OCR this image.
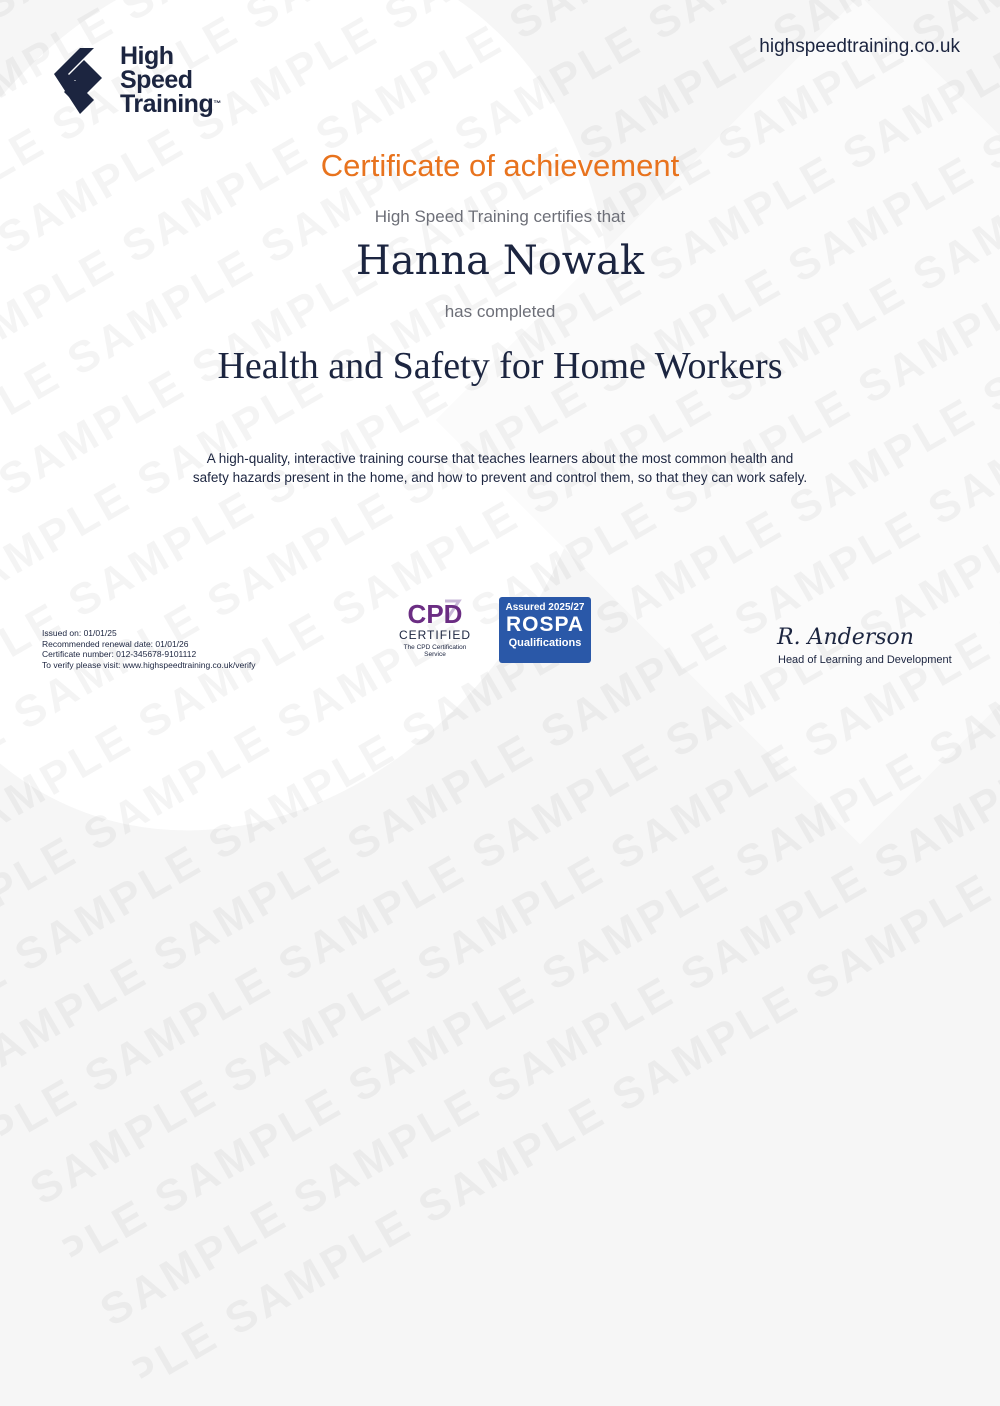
High
Speed
Training™
highspeedtraining.co.uk
Certificate of achievement
High Speed Training certifies that
Hanna Nowak
has completed
Health and Safety for Home Workers
A high-quality, interactive training course that teaches learners about the most common health and safety hazards present in the home, and how to prevent and control them, so that they can work safely.
Issued on: 01/01/25
Recommended renewal date: 01/01/26
Certificate number: 012-345678-9101112
To verify please visit: www.highspeedtraining.co.uk/verify
CPD
CERTIFIED
The CPD Certification
Service
Assured 2025/27
ROSPA
Qualifications	R. Anderson
Head of Learning and Development
